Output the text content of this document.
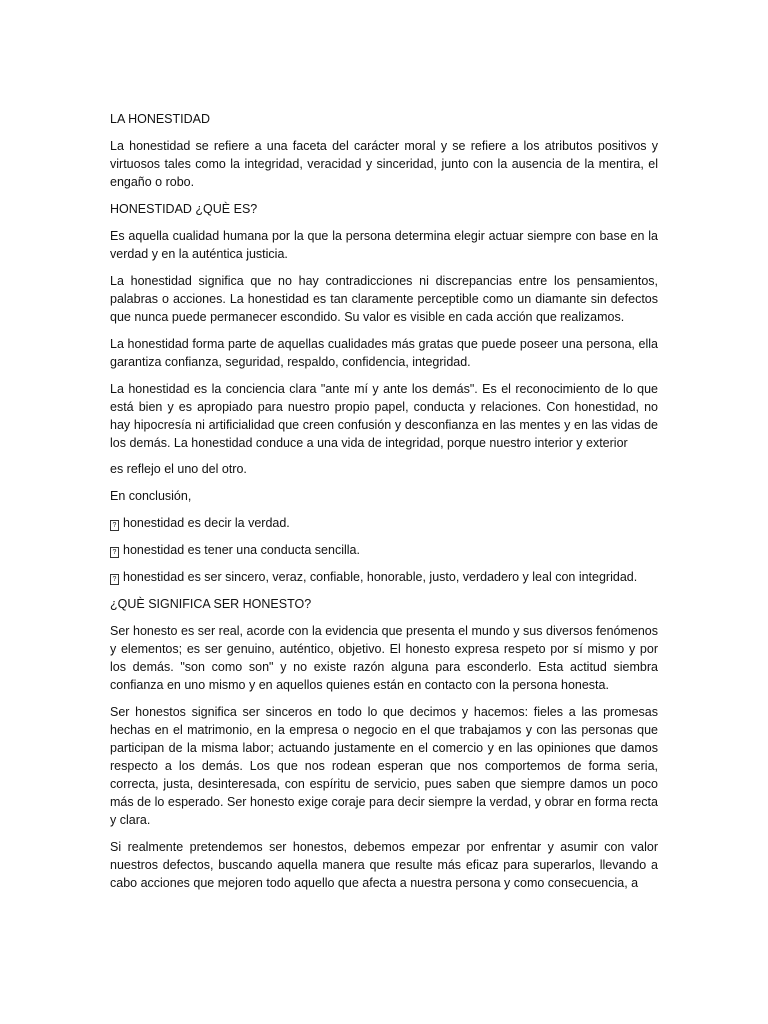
LA HONESTIDAD

La honestidad se refiere a una faceta del carácter moral y se refiere a los atributos positivos y virtuosos tales como la integridad, veracidad y sinceridad, junto con la ausencia de la mentira, el engaño o robo.

HONESTIDAD ¿QUÈ ES?

Es aquella cualidad humana por la que la persona determina elegir actuar siempre con base en la verdad y en la auténtica justicia.

La honestidad significa que no hay contradicciones ni discrepancias entre los pensamientos, palabras o acciones. La honestidad es tan claramente perceptible como un diamante sin defectos que nunca puede permanecer escondido. Su valor es visible en cada acción que realizamos.

La honestidad forma parte de aquellas cualidades más gratas que puede poseer una persona, ella garantiza confianza, seguridad, respaldo, confidencia, integridad.

La honestidad es la conciencia clara "ante mí y ante los demás". Es el reconocimiento de lo que está bien y es apropiado para nuestro propio papel, conducta y relaciones. Con honestidad, no hay hipocresía ni artificialidad que creen confusión y desconfianza en las mentes y en las vidas de los demás. La honestidad conduce a una vida de integridad, porque nuestro interior y exterior

es reflejo el uno del otro.

En conclusión,

? honestidad es decir la verdad.
? honestidad es tener una conducta sencilla.
? honestidad es ser sincero, veraz, confiable, honorable, justo, verdadero y leal con integridad.

¿QUÈ SIGNIFICA SER HONESTO?

Ser honesto es ser real, acorde con la evidencia que presenta el mundo y sus diversos fenómenos y elementos; es ser genuino, auténtico, objetivo. El honesto expresa respeto por sí mismo y por los demás. "son como son" y no existe razón alguna para esconderlo. Esta actitud siembra confianza en uno mismo y en aquellos quienes están en contacto con la persona honesta.

Ser honestos significa ser sinceros en todo lo que decimos y hacemos: fieles a las promesas hechas en el matrimonio, en la empresa o negocio en el que trabajamos y con las personas que participan de la misma labor; actuando justamente en el comercio y en las opiniones que damos respecto a los demás. Los que nos rodean esperan que nos comportemos de forma seria, correcta, justa, desinteresada, con espíritu de servicio, pues saben que siempre damos un poco más de lo esperado. Ser honesto exige coraje para decir siempre la verdad, y obrar en forma recta y clara.

Si realmente pretendemos ser honestos, debemos empezar por enfrentar y asumir con valor nuestros defectos, buscando aquella manera que resulte más eficaz para superarlos, llevando a cabo acciones que mejoren todo aquello que afecta a nuestra persona y como consecuencia, a
